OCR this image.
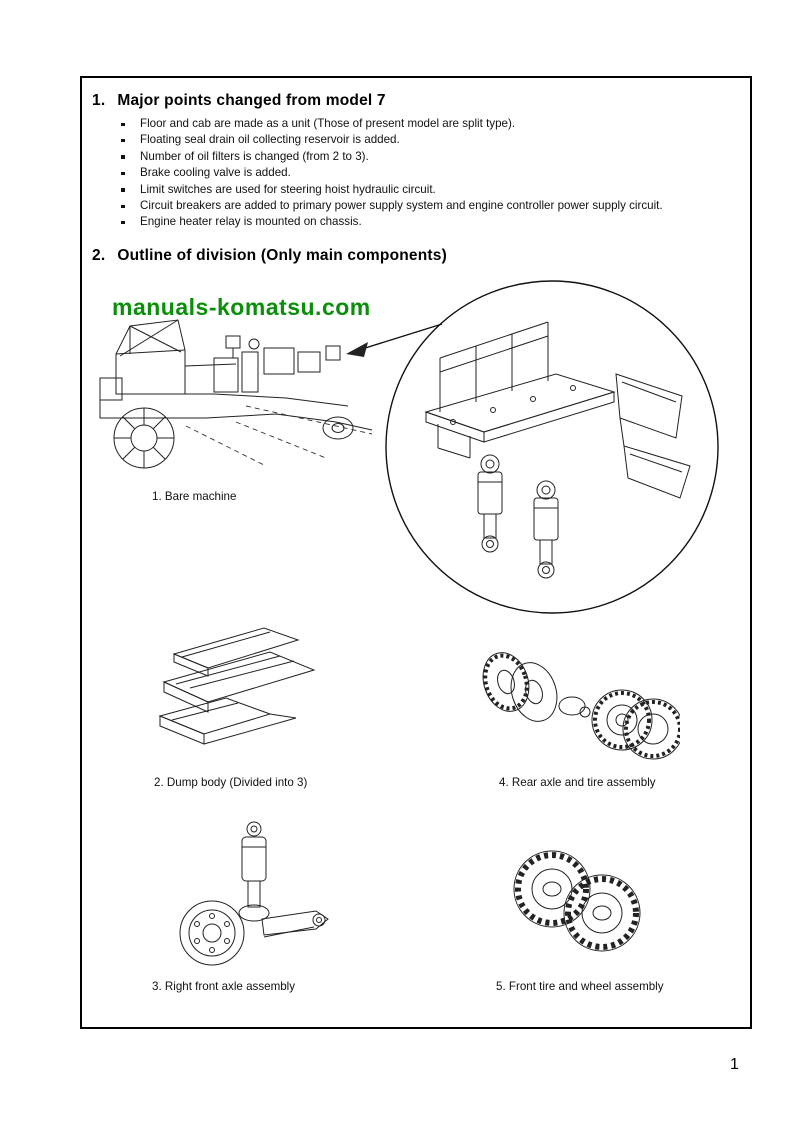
1. Major points changed from model 7
Floor and cab are made as a unit (Those of present model are split type).
Floating seal drain oil collecting reservoir is added.
Number of oil filters is changed (from 2 to 3).
Brake cooling valve is added.
Limit switches are used for steering hoist hydraulic circuit.
Circuit breakers are added to primary power supply system and engine controller power supply circuit.
Engine heater relay is mounted on chassis.
2. Outline of division (Only main components)
manuals-komatsu.com
1. Bare machine
2. Dump body (Divided into 3)	4. Rear axle and tire assembly
3. Right front axle assembly	5. Front tire and wheel assembly
1
